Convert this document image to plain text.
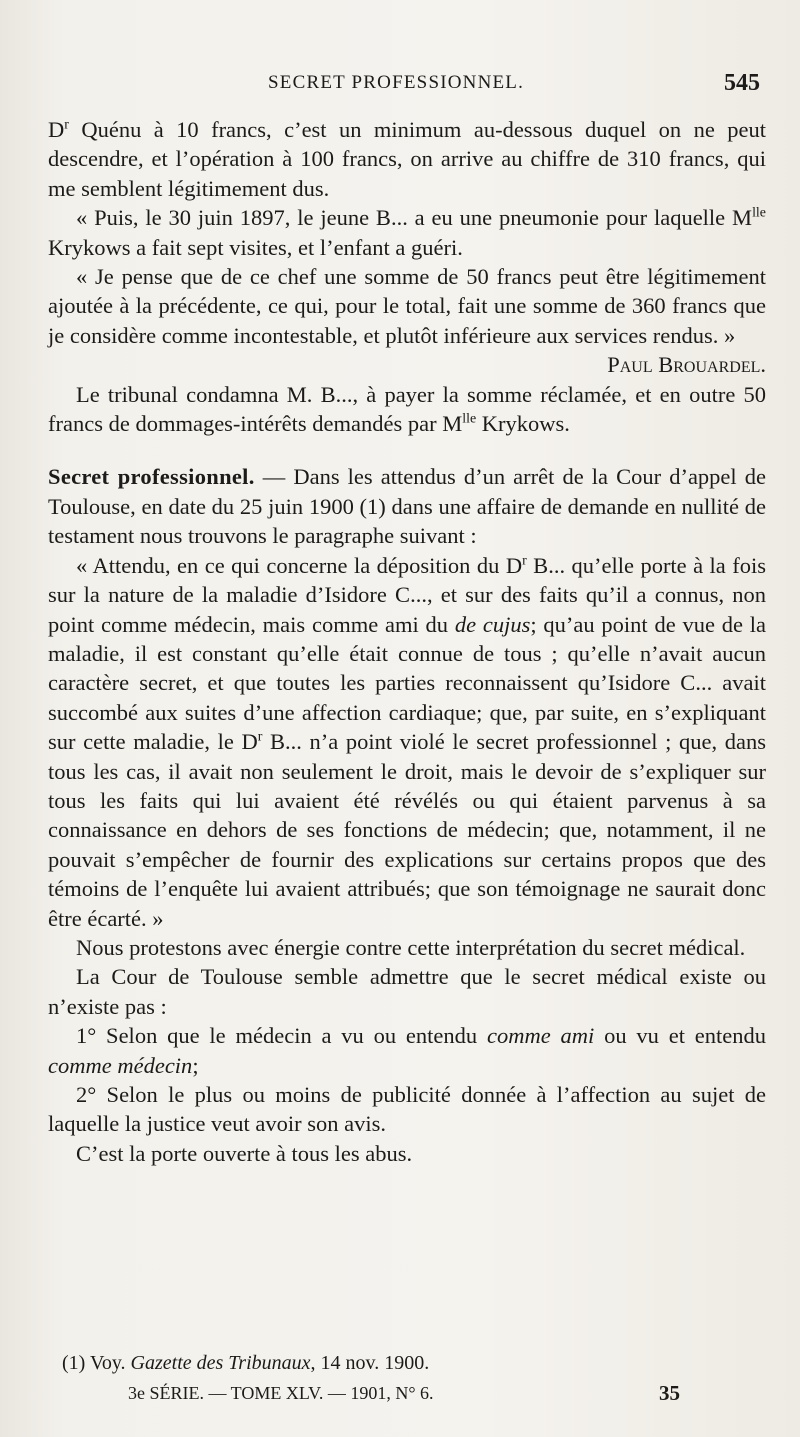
SECRET PROFESSIONNEL.	545

$D^r$ Quénu à 10 francs, c’est un minimum au-dessous duquel on ne peut descendre, et l’opération à 100 francs, on arrive au chiffre de 310 francs, qui me semblent légitimement dus.

« Puis, le 30 juin 1897, le jeune B... a eu une pneumonie pour laquelle $M^{lle}$ Krykows a fait sept visites, et l’enfant a guéri.

« Je pense que de ce chef une somme de 50 francs peut être légitimement ajoutée à la précédente, ce qui, pour le total, fait une somme de 360 francs que je considère comme incontestable, et plutôt inférieure aux services rendus. »
Paul Brouardel.

Le tribunal condamna M. B..., à payer la somme réclamée, et en outre 50 francs de dommages-intérêts demandés par $M^{lle}$ Krykows.

Secret professionnel. — Dans les attendus d’un arrêt de la Cour d’appel de Toulouse, en date du 25 juin 1900 (1) dans une affaire de demande en nullité de testament nous trouvons le paragraphe suivant :

« Attendu, en ce qui concerne la déposition du $D^r$ B... qu’elle porte à la fois sur la nature de la maladie d’Isidore C..., et sur des faits qu’il a connus, non point comme médecin, mais comme ami du de cujus; qu’au point de vue de la maladie, il est constant qu’elle était connue de tous ; qu’elle n’avait aucun caractère secret, et que toutes les parties reconnaissent qu’Isidore C... avait succombé aux suites d’une affection cardiaque; que, par suite, en s’expliquant sur cette maladie, le $D^r$ B... n’a point violé le secret professionnel ; que, dans tous les cas, il avait non seulement le droit, mais le devoir de s’expliquer sur tous les faits qui lui avaient été révélés ou qui étaient parvenus à sa connaissance en dehors de ses fonctions de médecin; que, notamment, il ne pouvait s’empêcher de fournir des explications sur certains propos que des témoins de l’enquête lui avaient attribués; que son témoignage ne saurait donc être écarté. »

Nous protestons avec énergie contre cette interprétation du secret médical.

La Cour de Toulouse semble admettre que le secret médical existe ou n’existe pas :

1° Selon que le médecin a vu ou entendu comme ami ou vu et entendu comme médecin;

2° Selon le plus ou moins de publicité donnée à l’affection au sujet de laquelle la justice veut avoir son avis.

C’est la porte ouverte à tous les abus.

(1) Voy. Gazette des Tribunaux, 14 nov. 1900.
3e SÉRIE. — TOME XLV. — 1901, N° 6.	35
